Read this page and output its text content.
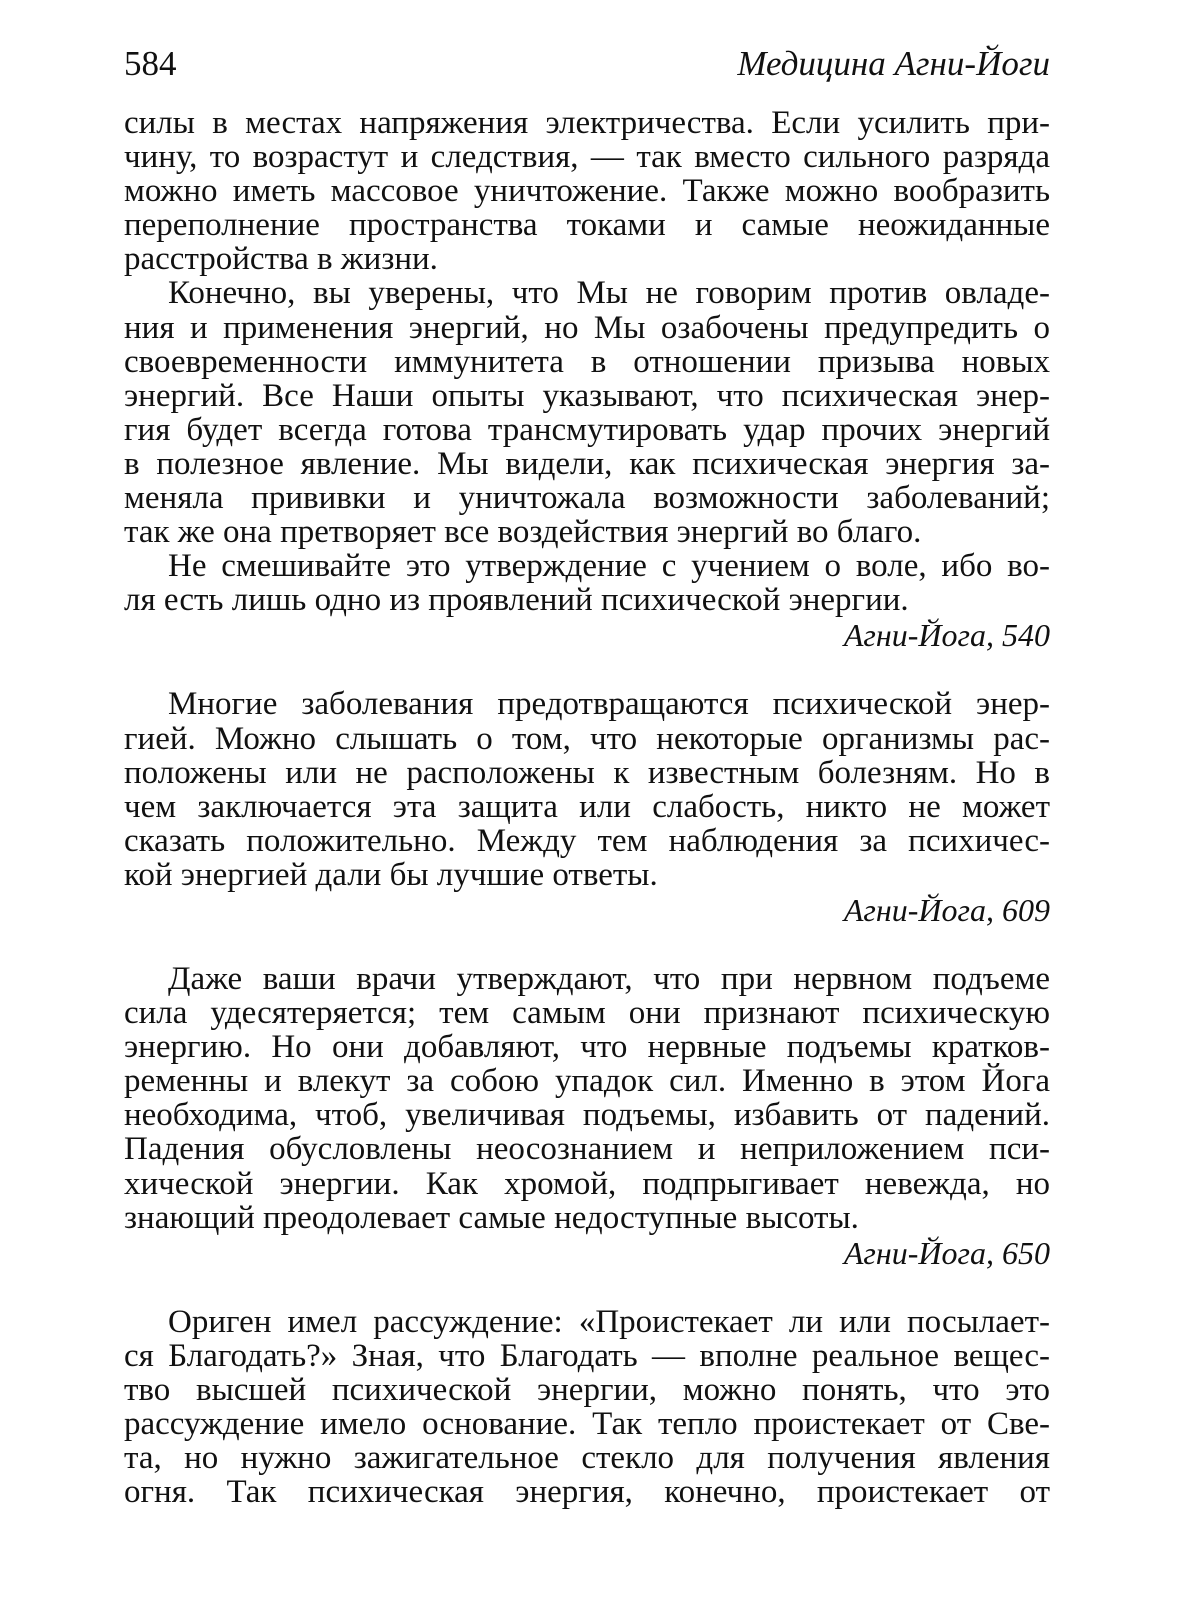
584	Медицина Агни-Йоги
силы в местах напряжения электричества. Если усилить при-
чину, то возрастут и следствия, — так вместо сильного разряда
можно иметь массовое уничтожение. Также можно вообразить
переполнение пространства токами и самые неожиданные
расстройства в жизни.
Конечно, вы уверены, что Мы не говорим против овладе-
ния и применения энергий, но Мы озабочены предупредить о
своевременности иммунитета в отношении призыва новых
энергий. Все Наши опыты указывают, что психическая энер-
гия будет всегда готова трансмутировать удар прочих энергий
в полезное явление. Мы видели, как психическая энергия за-
меняла прививки и уничтожала возможности заболеваний;
так же она претворяет все воздействия энергий во благо.
Не смешивайте это утверждение с учением о воле, ибо во-
ля есть лишь одно из проявлений психической энергии.
Агни-Йога, 540
Многие заболевания предотвращаются психической энер-
гией. Можно слышать о том, что некоторые организмы рас-
положены или не расположены к известным болезням. Но в
чем заключается эта защита или слабость, никто не может
сказать положительно. Между тем наблюдения за психичес-
кой энергией дали бы лучшие ответы.
Агни-Йога, 609
Даже ваши врачи утверждают, что при нервном подъеме
сила удесятеряется; тем самым они признают психическую
энергию. Но они добавляют, что нервные подъемы кратков-
ременны и влекут за собою упадок сил. Именно в этом Йога
необходима, чтоб, увеличивая подъемы, избавить от падений.
Падения обусловлены неосознанием и неприложением пси-
хической энергии. Как хромой, подпрыгивает невежда, но
знающий преодолевает самые недоступные высоты.
Агни-Йога, 650
Ориген имел рассуждение: «Проистекает ли или посылает-
ся Благодать?» Зная, что Благодать — вполне реальное вещес-
тво высшей психической энергии, можно понять, что это
рассуждение имело основание. Так тепло проистекает от Све-
та, но нужно зажигательное стекло для получения явления
огня. Так психическая энергия, конечно, проистекает от
